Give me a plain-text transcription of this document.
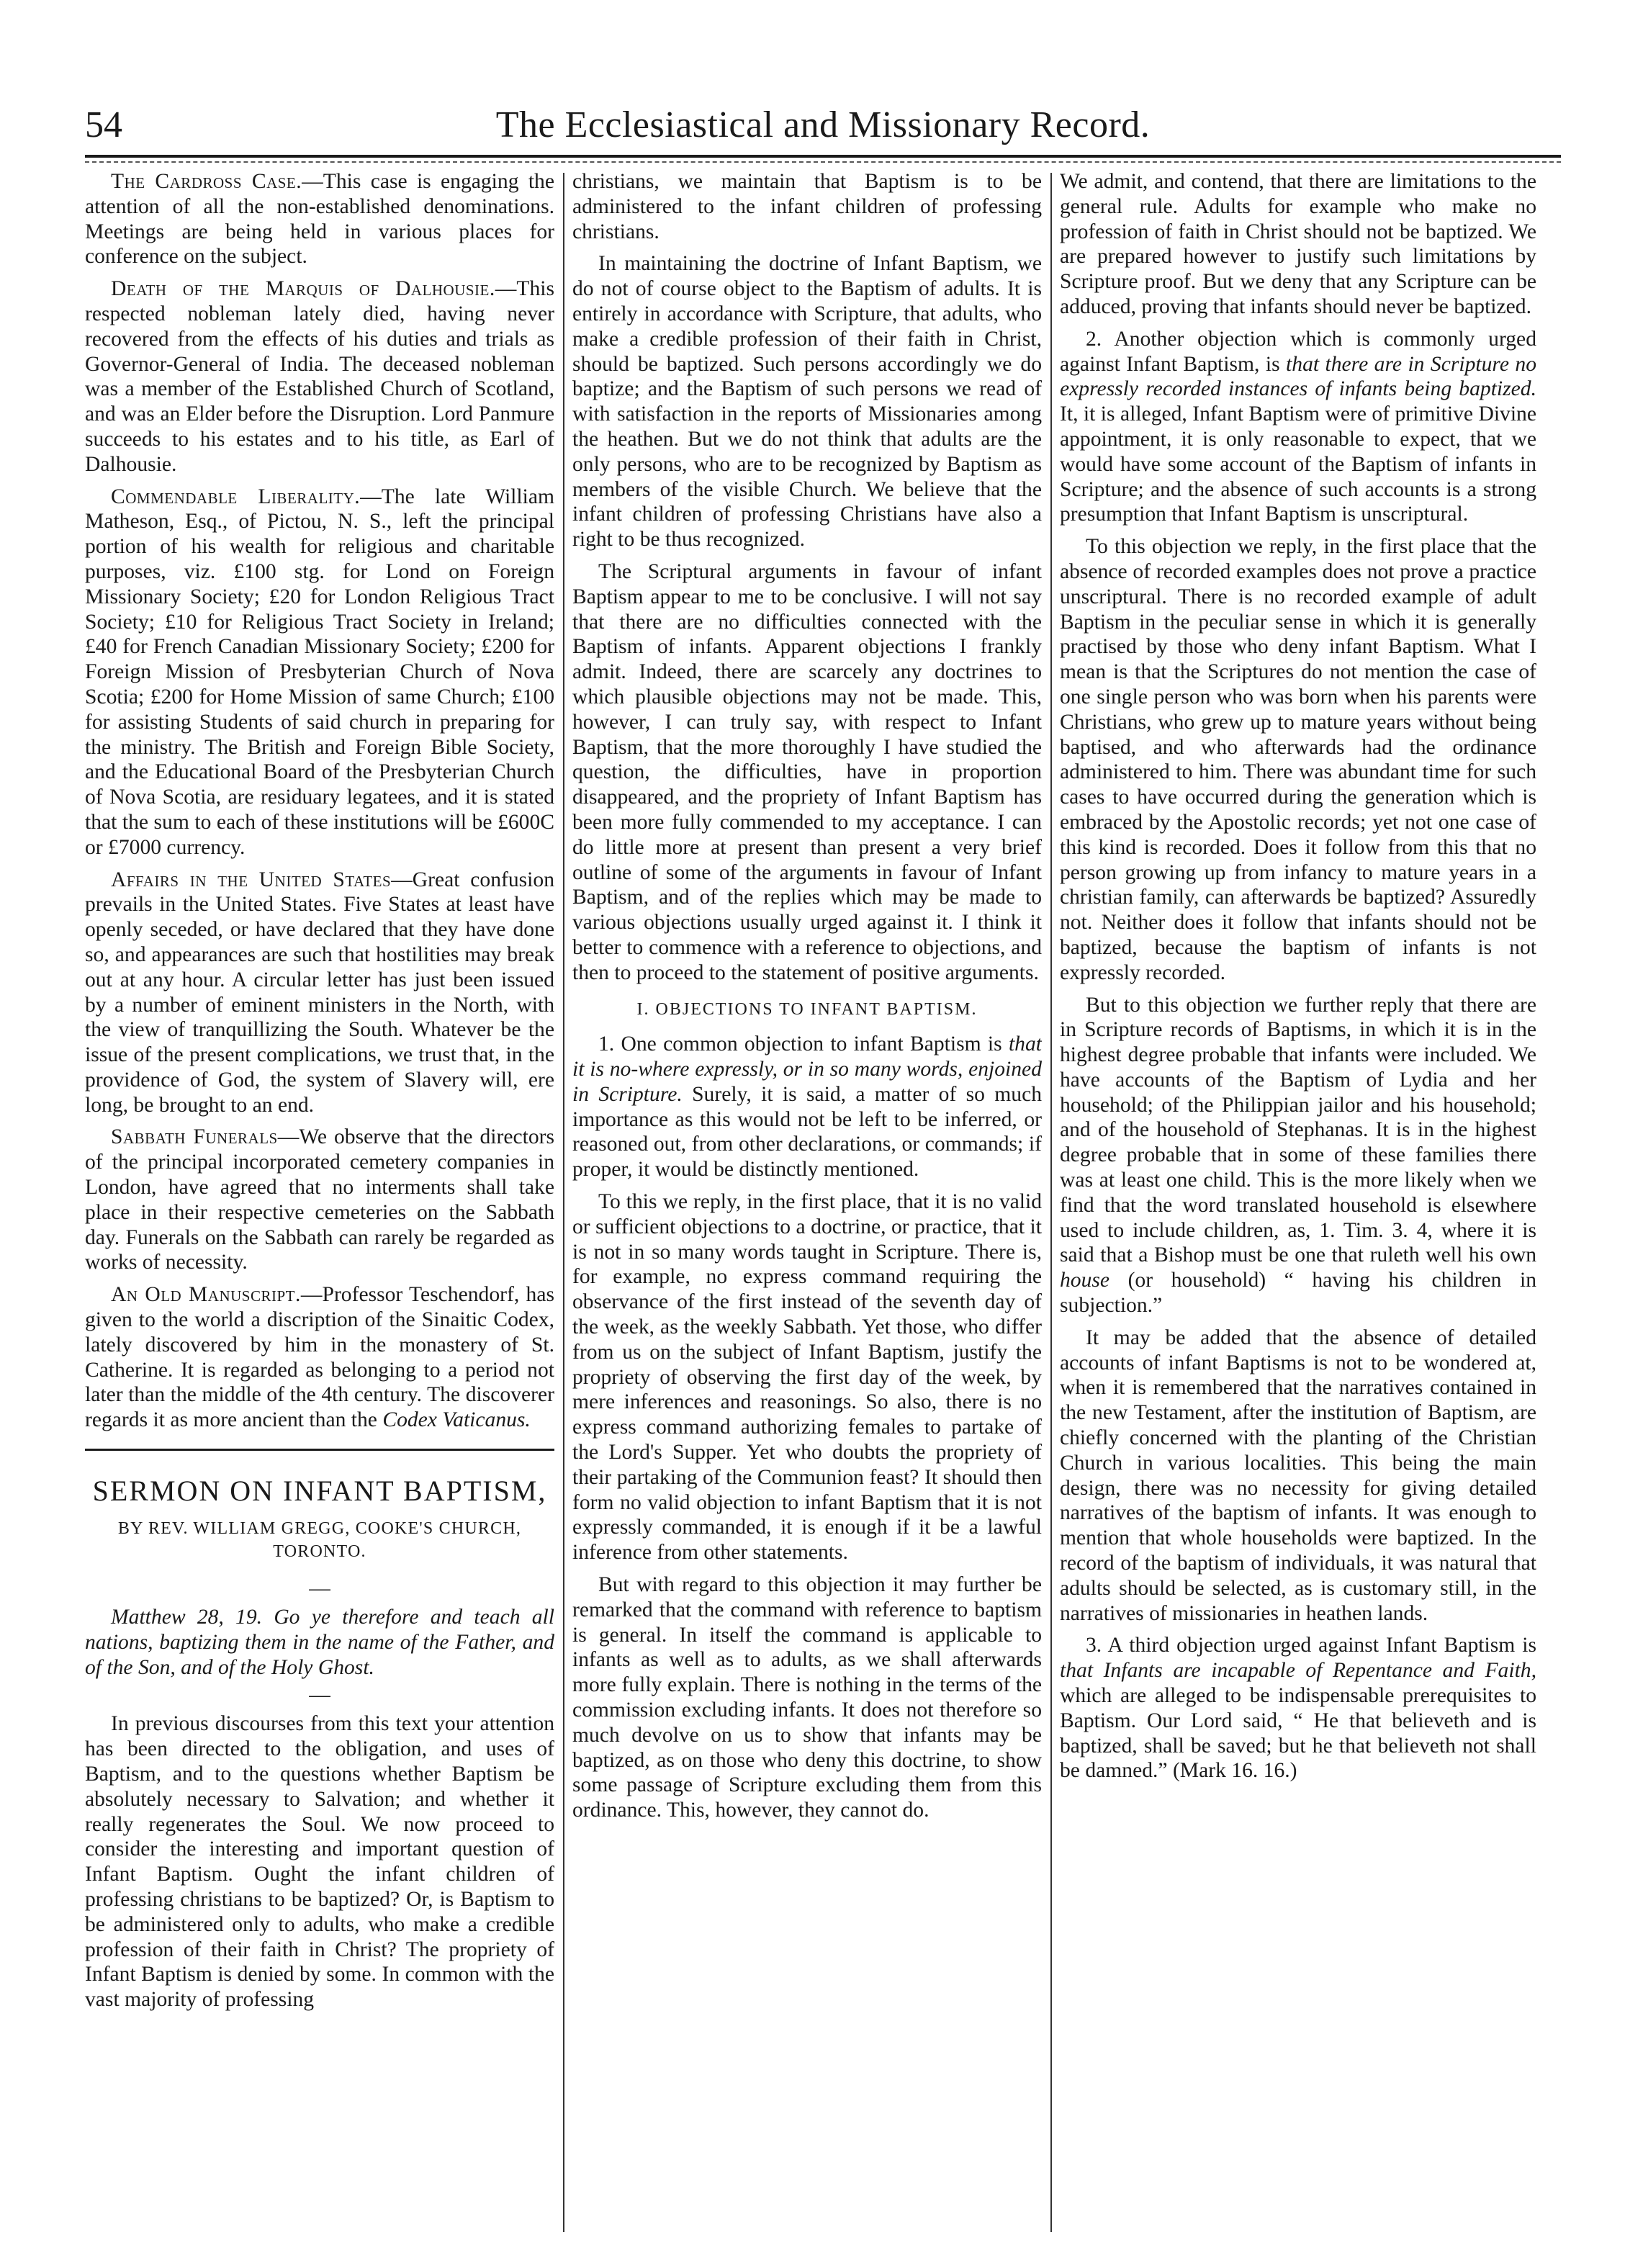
54	The Ecclesiastical and Missionary Record.

The Cardross Case.—This case is engaging the attention of all the non-established denominations. Meetings are being held in various places for conference on the subject.

Death of the Marquis of Dalhousie.—This respected nobleman lately died, having never recovered from the effects of his duties and trials as Governor-General of India. The deceased nobleman was a member of the Established Church of Scotland, and was an Elder before the Disruption. Lord Panmure succeeds to his estates and to his title, as Earl of Dalhousie.

Commendable Liberality.—The late William Matheson, Esq., of Pictou, N. S., left the principal portion of his wealth for religious and charitable purposes, viz. £100 stg. for Lond on Foreign Missionary Society; £20 for London Religious Tract Society; £10 for Religious Tract Society in Ireland; £40 for French Canadian Missionary Society; £200 for Foreign Mission of Presbyterian Church of Nova Scotia; £200 for Home Mission of same Church; £100 for assisting Students of said church in preparing for the ministry. The British and Foreign Bible Society, and the Educational Board of the Presbyterian Church of Nova Scotia, are residuary legatees, and it is stated that the sum to each of these institutions will be £600C or £7000 currency.

Affairs in the United States—Great confusion prevails in the United States. Five States at least have openly seceded, or have declared that they have done so, and appearances are such that hostilities may break out at any hour. A circular letter has just been issued by a number of eminent ministers in the North, with the view of tranquillizing the South. Whatever be the issue of the present complications, we trust that, in the providence of God, the system of Slavery will, ere long, be brought to an end.

Sabbath Funerals—We observe that the directors of the principal incorporated cemetery companies in London, have agreed that no interments shall take place in their respective cemeteries on the Sabbath day. Funerals on the Sabbath can rarely be regarded as works of necessity.

An Old Manuscript.—Professor Teschendorf, has given to the world a discription of the Sinaitic Codex, lately discovered by him in the monastery of St. Catherine. It is regarded as belonging to a period not later than the middle of the 4th century. The discoverer regards it as more ancient than the Codex Vaticanus.

SERMON ON INFANT BAPTISM,
BY REV. WILLIAM GREGG, COOKE'S CHURCH, TORONTO.
—

Matthew 28, 19. Go ye therefore and teach all nations, baptizing them in the name of the Father, and of the Son, and of the Holy Ghost.

—

In previous discourses from this text your attention has been directed to the obligation, and uses of Baptism, and to the questions whether Baptism be absolutely necessary to Salvation; and whether it really regenerates the Soul. We now proceed to consider the interesting and important question of Infant Baptism. Ought the infant children of professing christians to be baptized? Or, is Baptism to be administered only to adults, who make a credible profession of their faith in Christ? The propriety of Infant Baptism is denied by some. In common with the vast majority of professing

christians, we maintain that Baptism is to be administered to the infant children of professing christians.

In maintaining the doctrine of Infant Baptism, we do not of course object to the Baptism of adults. It is entirely in accordance with Scripture, that adults, who make a credible profession of their faith in Christ, should be baptized. Such persons accordingly we do baptize; and the Baptism of such persons we read of with satisfaction in the reports of Missionaries among the heathen. But we do not think that adults are the only persons, who are to be recognized by Baptism as members of the visible Church. We believe that the infant children of professing Christians have also a right to be thus recognized.

The Scriptural arguments in favour of infant Baptism appear to me to be conclusive. I will not say that there are no difficulties connected with the Baptism of infants. Apparent objections I frankly admit. Indeed, there are scarcely any doctrines to which plausible objections may not be made. This, however, I can truly say, with respect to Infant Baptism, that the more thoroughly I have studied the question, the difficulties, have in proportion disappeared, and the propriety of Infant Baptism has been more fully commended to my acceptance. I can do little more at present than present a very brief outline of some of the arguments in favour of Infant Baptism, and of the replies which may be made to various objections usually urged against it. I think it better to commence with a reference to objections, and then to proceed to the statement of positive arguments.

I. OBJECTIONS TO INFANT BAPTISM.

1. One common objection to infant Baptism is that it is no-where expressly, or in so many words, enjoined in Scripture. Surely, it is said, a matter of so much importance as this would not be left to be inferred, or reasoned out, from other declarations, or commands; if proper, it would be distinctly mentioned.

To this we reply, in the first place, that it is no valid or sufficient objections to a doctrine, or practice, that it is not in so many words taught in Scripture. There is, for example, no express command requiring the observance of the first instead of the seventh day of the week, as the weekly Sabbath. Yet those, who differ from us on the subject of Infant Baptism, justify the propriety of observing the first day of the week, by mere inferences and reasonings. So also, there is no express command authorizing females to partake of the Lord's Supper. Yet who doubts the propriety of their partaking of the Communion feast? It should then form no valid objection to infant Baptism that it is not expressly commanded, it is enough if it be a lawful inference from other statements.

But with regard to this objection it may further be remarked that the command with reference to baptism is general. In itself the command is applicable to infants as well as to adults, as we shall afterwards more fully explain. There is nothing in the terms of the commission excluding infants. It does not therefore so much devolve on us to show that infants may be baptized, as on those who deny this doctrine, to show some passage of Scripture excluding them from this ordinance. This, however, they cannot do.

We admit, and contend, that there are limitations to the general rule. Adults for example who make no profession of faith in Christ should not be baptized. We are prepared however to justify such limitations by Scripture proof. But we deny that any Scripture can be adduced, proving that infants should never be baptized.

2. Another objection which is commonly urged against Infant Baptism, is that there are in Scripture no expressly recorded instances of infants being baptized. It, it is alleged, Infant Baptism were of primitive Divine appointment, it is only reasonable to expect, that we would have some account of the Baptism of infants in Scripture; and the absence of such accounts is a strong presumption that Infant Baptism is unscriptural.

To this objection we reply, in the first place that the absence of recorded examples does not prove a practice unscriptural. There is no recorded example of adult Baptism in the peculiar sense in which it is generally practised by those who deny infant Baptism. What I mean is that the Scriptures do not mention the case of one single person who was born when his parents were Christians, who grew up to mature years without being baptised, and who afterwards had the ordinance administered to him. There was abundant time for such cases to have occurred during the generation which is embraced by the Apostolic records; yet not one case of this kind is recorded. Does it follow from this that no person growing up from infancy to mature years in a christian family, can afterwards be baptized? Assuredly not. Neither does it follow that infants should not be baptized, because the baptism of infants is not expressly recorded.

But to this objection we further reply that there are in Scripture records of Baptisms, in which it is in the highest degree probable that infants were included. We have accounts of the Baptism of Lydia and her household; of the Philippian jailor and his household; and of the household of Stephanas. It is in the highest degree probable that in some of these families there was at least one child. This is the more likely when we find that the word translated household is elsewhere used to include children, as, 1. Tim. 3. 4, where it is said that a Bishop must be one that ruleth well his own house (or household) “ having his children in subjection.”

It may be added that the absence of detailed accounts of infant Baptisms is not to be wondered at, when it is remembered that the narratives contained in the new Testament, after the institution of Baptism, are chiefly concerned with the planting of the Christian Church in various localities. This being the main design, there was no necessity for giving detailed narratives of the baptism of infants. It was enough to mention that whole households were baptized. In the record of the baptism of individuals, it was natural that adults should be selected, as is customary still, in the narratives of missionaries in heathen lands.

3. A third objection urged against Infant Baptism is that Infants are incapable of Repentance and Faith, which are alleged to be indispensable prerequisites to Baptism. Our Lord said, “ He that believeth and is baptized, shall be saved; but he that believeth not shall be damned.” (Mark 16. 16.)
